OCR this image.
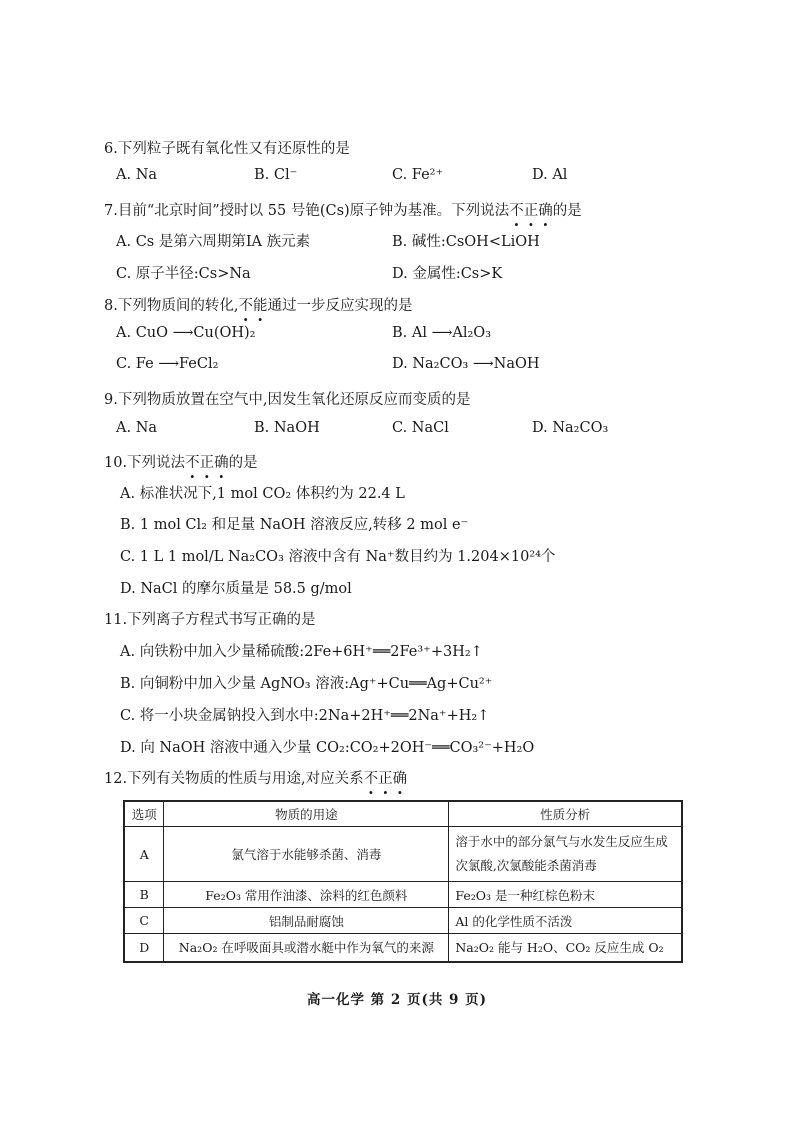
6.下列粒子既有氧化性又有还原性的是
A. Na	B. Cl⁻	C. Fe²⁺	D. Al
7.目前“北京时间”授时以 55 号铯(Cs)原子钟为基准。下列说法不正确的是
A. Cs 是第六周期第ⅠA 族元素	B. 碱性:CsOH<LiOH
C. 原子半径:Cs>Na	D. 金属性:Cs>K
8.下列物质间的转化,不能通过一步反应实现的是
A. CuO ⟶Cu(OH)₂	B. Al ⟶Al₂O₃
C. Fe ⟶FeCl₂	D. Na₂CO₃ ⟶NaOH
9.下列物质放置在空气中,因发生氧化还原反应而变质的是
A. Na	B. NaOH	C. NaCl	D. Na₂CO₃
10.下列说法不正确的是
A. 标准状况下,1 mol CO₂ 体积约为 22.4 L
B. 1 mol Cl₂ 和足量 NaOH 溶液反应,转移 2 mol e⁻
C. 1 L 1 mol/L Na₂CO₃ 溶液中含有 Na⁺数目约为 1.204×10²⁴个
D. NaCl 的摩尔质量是 58.5 g/mol
11.下列离子方程式书写正确的是
A. 向铁粉中加入少量稀硫酸:2Fe+6H⁺══2Fe³⁺+3H₂↑
B. 向铜粉中加入少量 AgNO₃ 溶液:Ag⁺+Cu══Ag+Cu²⁺
C. 将一小块金属钠投入到水中:2Na+2H⁺══2Na⁺+H₂↑
D. 向 NaOH 溶液中通入少量 CO₂:CO₂+2OH⁻══CO₃²⁻+H₂O
12.下列有关物质的性质与用途,对应关系不正确
选项	物质的用途	性质分析
A	氯气溶于水能够杀菌、消毒	溶于水中的部分氯气与水发生反应生成次氯酸,次氯酸能杀菌消毒
B	Fe₂O₃ 常用作油漆、涂料的红色颜料	Fe₂O₃ 是一种红棕色粉末
C	铝制品耐腐蚀	Al 的化学性质不活泼
D	Na₂O₂ 在呼吸面具或潜水艇中作为氧气的来源	Na₂O₂ 能与 H₂O、CO₂ 反应生成 O₂
高一化学 第 2 页(共 9 页)
